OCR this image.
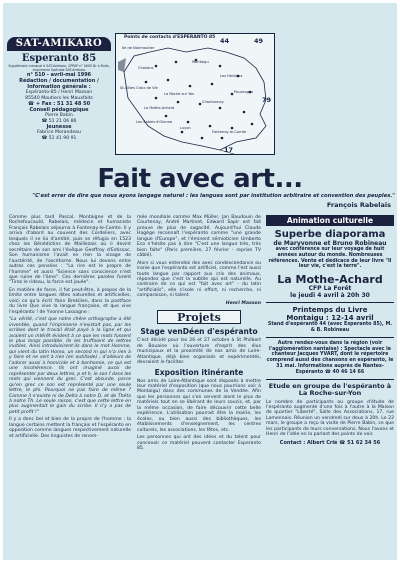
SAT-AMIKARO
Esperanto 85
Supplément mensuel à SAT-Amikaro, CPPAP n° 0605 Dr à Bulle, imprimerie Spéciale SAT-Amikaro
n° 510 - avril-mai 1996
Rédaction / documentation / Information générale :
Espéranto-85 / Henri Masson
85540 Moutiers les Mauxfaits
☎ + Fax : 51 31 48 50
Conseil pédagogique
Pierre Babin
☎ 51 21 06 86
Jeunesse
Fabrice Morandeau
☎ 51 41 90 91
Points de contacts d'ESPERANTO 85 44	49
79
17
Ile de Noirmoutier
St-Gilles Croix de Vie
La Roche sur Yon
Les Sables d'Olonne
Fontenay-le-Comte
Luçon
Chantonnay
Les Herbiers
La Mothe-Achard
Montaigu
Challans
Pouzauges
Fait avec art...
"C'est errer de dire que nous ayons langage naturel : les langues sont par institution arbitraire et convention des peuples."
François Rabelais

Comme plus tard Pascal, Montaigne et de la Rochefoucauld, Rabelais, médecin et humaniste François Rabelais séjourna à Fontenay-le-Comte. Il y arriva d'abord au couvent des Cordeliers, avec lesquels il se lia d'amitié, puis se réfugia en 1523 chez les Bénédictins de Maillezais où il devint secrétaire de son ami l'évêque Geoffroy d'Estissac. Son humanisme l'avait en rien la visage de l'austérité, de l'ascétisme. Nous lui devons entre autres ces pensées : "La rire est le propre de l'homme" et aussi "Science sans conscience n'est que ruine de l'âme". Ces dernières paroles furent "Tirez le rideau, la farce est jouée".

En matière de farce, il fut peut-être, à propos de la limite entre langues dites naturelles et artificielles, voici ce qu'a écrit Yann Brekilien, dans la postface du livre Que vive la langue française, et que vive l'espéranto ! de Yvonne Lassagne :

"La vérité, c'est que notre chère orthographe a été inventée, quand l'imprimerie n'existait pas, par les scribes dont le travail était payé à la ligne et qui avaient un intérêt évident à ce que les mots fussent le plus longs possible. Ils les truffaient de lettres inutiles. Ainsi introduisirent-ils dans le mot Homme, qui vient du latin Homo, un second m qui n'a rien à y faire et ne sert à rien (en outillade) ; d'ailleurs de l'adorer aussi à homicide et à bonhomie, ce qui est une incohérence. Ils ont imaginé aussi de représenter par deux lettres, p et h, le son f dans les mots qui viennent du grec. C'est absurde, parce qu'en grec ce son est représenté par une seule lettre, le phi. Pourquoi ne pas faire de même ? Comme il n'existe ni de Delta à notre D, et de Théta à notre Th. Le seule raison, c'est que cette lettre en plus augmentait le gain du scribe. Il n'y a pas de petit profit !"

Il y a donc bel et bien de la propre de l'homme : la langue certains mettent la français et l'espéranto en opposition comme langues respectivement naturelle et artificielle. Des linguistes de renom-

mée mondiale comme Max Müller, Jan Baudouin de Courtenay, André Martinet, Edward Sapir ont fait preuve de plus de sagacité. Aujourd'hui Claude Hagège reconnaît l'espéranto comme "une grande langue d'Europe", et l'éminent sémioticien Umberto Eco n'hésite pas à dire "C'est une langue très, très bien faite" (Paris première, 27 février - reprise TV câblé).

Alors si vous entendez des avec condescendance ou ironie que l'espéranto est artificiel, comme l'est aussi toute langue par rapport aux cris des animaux, répondez que c'est la subtile qui est naturelle. Au contraire de ce qui est "fait avec art" - du latin "artificialis", elle s'isole ni effort, ni recherche, ni comparaison, ni talent.

Henri Masson
Projets
Stage venDéen d'espéranto

C'est décidé pour les 26 et 27 octobre à St Philbert de Bouaine où l'ouverture d'esprit des élus municipaux et la proximité de nos amis de Loire-Atlantique, déjà bien organisés et expérimentés, devraient le faciliter.

Exposition itinérante

Nos amis de Loire-Atlantique sont disposés à mettre leur matériel d'exposition (que nous pourrions voir à Montaigu) dans des communes de la Vendée. Afin que les personnes qui s'en servent aient le plus de matériels tout en se libérant de leurs soucis, et, par la même occasion, de faire découvrir cette belle expérience. L'utilisation pourrait être la mairie, les écoles, ou bien aussi des bibliothèques, les établissements d'enseignement, les centres culturels, les associations, les fêtes, etc.

Les personnes qui ont des idées et du talent pour concevoir ce matériel peuvent contacter Esperanto 85.

Animation culturelle
Superbe diaporama
de Maryvonne et Bruno Robineau
avec conférence sur leur voyage de huit années autour du monde. Nombreuses références. Vente et dédicace de leur livre "Il leur vie, c'est la terre".
La Mothe-Achard
CFP La Forêt
le jeudi 4 avril à 20h 30
Printemps du Livre
Montaigu : 12-14 avril
Stand d'espéranto 44 (avec Esperanto 85), M. & B. Robineau
Autre rendez-vous dans la région (voir l'agglomération nantaise) : Spectacle avec le chanteur Jacques YVART, dont le répertoire comprend aussi des chansons en espéranto, le 31 mai. Informations auprès de Nantes-Espéranto ☎ 40 46 14 66
Etude en groupe de l'espéranto à La Roche-sur-Yon

Le nombre de participants au groupe d'étude de l'espéranto augmente d'une fois à l'autre à la Maison de quartier "Liberté", Salle des Associations, 17, rue Lamennais. Réunion un vendredi sur deux à 20h. Le 22 mars, le groupe a reçu la visite de Pierre Babin, ce que les participants de leurs conversations, Nous l'avons et Henri de l'idée en la parlant des points de voir.

Contact : Albert Crié ☎ 51 62 34 56
